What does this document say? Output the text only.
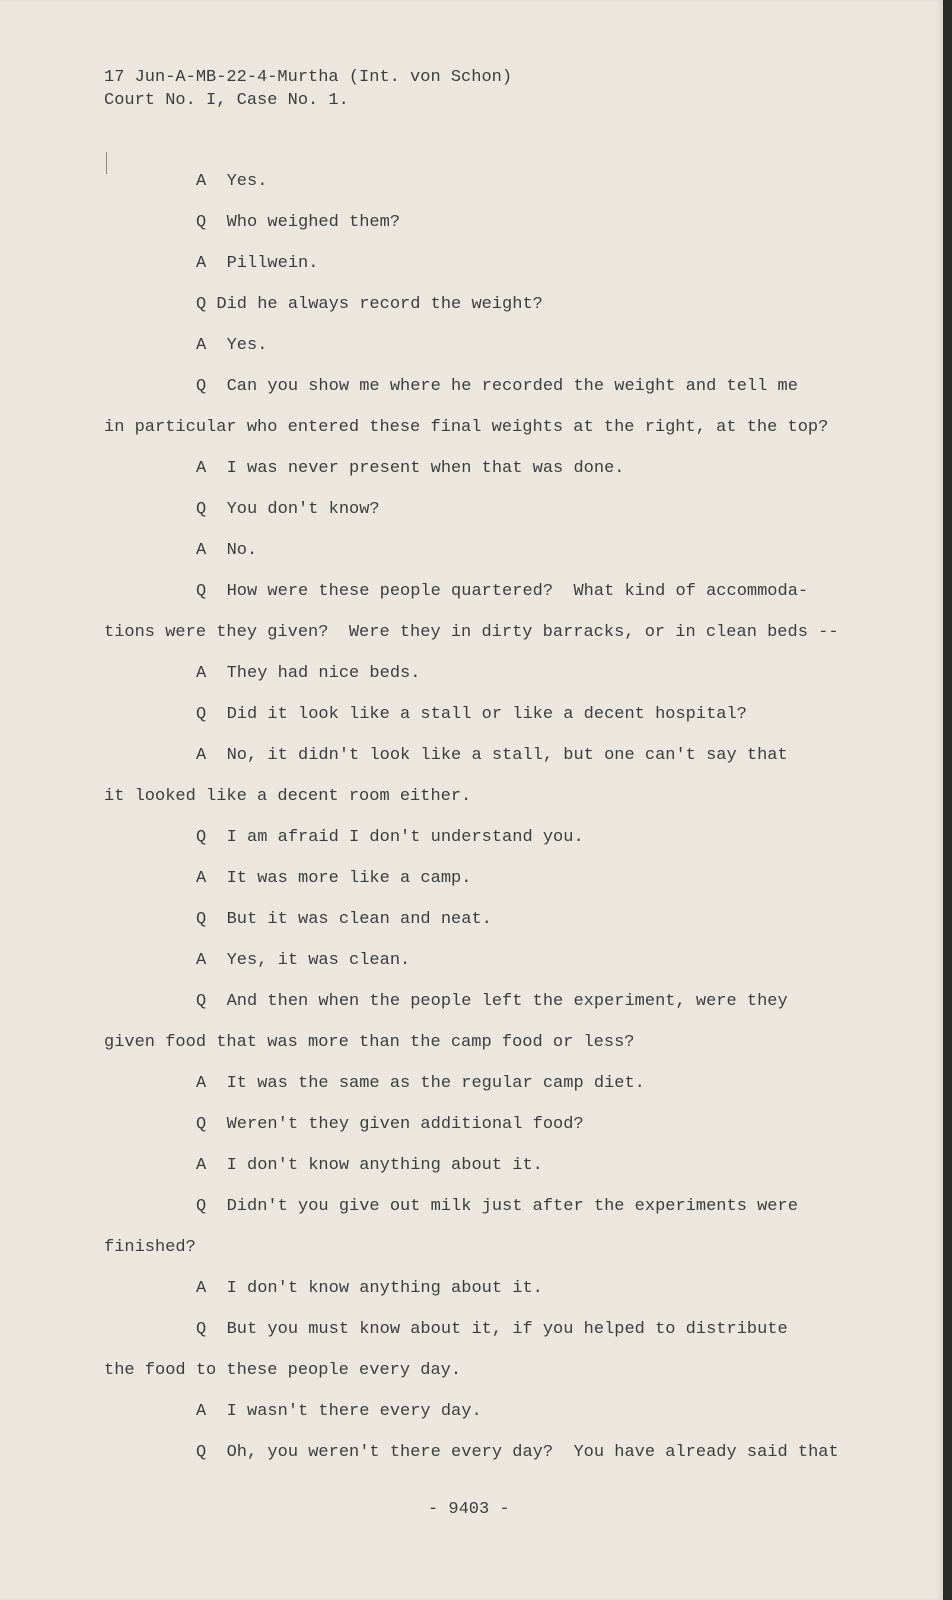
17 Jun-A-MB-22-4-Murtha (Int. von Schon)
Court No. I, Case No. 1.
A  Yes.
Q  Who weighed them?
A  Pillwein.
Q Did he always record the weight?
A  Yes.
Q  Can you show me where he recorded the weight and tell me
in particular who entered these final weights at the right, at the top?
A  I was never present when that was done.
Q  You don't know?
A  No.
Q  How were these people quartered?  What kind of accommoda-
tions were they given?  Were they in dirty barracks, or in clean beds --
A  They had nice beds.
Q  Did it look like a stall or like a decent hospital?
A  No, it didn't look like a stall, but one can't say that
it looked like a decent room either.
Q  I am afraid I don't understand you.
A  It was more like a camp.
Q  But it was clean and neat.
A  Yes, it was clean.
Q  And then when the people left the experiment, were they
given food that was more than the camp food or less?
A  It was the same as the regular camp diet.
Q  Weren't they given additional food?
A  I don't know anything about it.
Q  Didn't you give out milk just after the experiments were
finished?
A  I don't know anything about it.
Q  But you must know about it, if you helped to distribute
the food to these people every day.
A  I wasn't there every day.
Q  Oh, you weren't there every day?  You have already said that
- 9403 -
